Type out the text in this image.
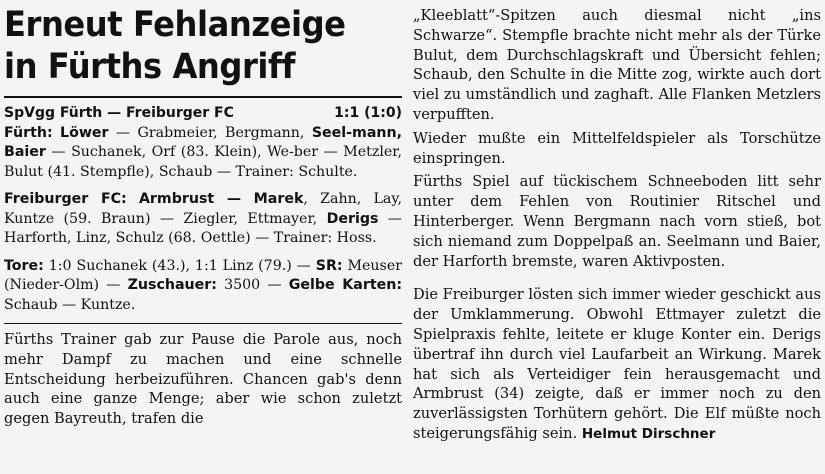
Erneut Fehlanzeige
in Fürths Angriff
SpVgg Fürth — Freiburger FC	1:1 (1:0)

Fürth: Löwer — Grabmeier, Bergmann, Seel-mann, Baier — Suchanek, Orf (83. Klein), We-ber — Metzler, Bulut (41. Stempfle), Schaub — Trainer: Schulte.

Freiburger FC: Armbrust — Marek, Zahn, Lay, Kuntze (59. Braun) — Ziegler, Ettmayer, Derigs — Harforth, Linz, Schulz (68. Oettle) — Trainer: Hoss.

Tore: 1:0 Suchanek (43.), 1:1 Linz (79.) — SR: Meuser (Nieder-Olm) — Zuschauer: 3500 — Gelbe Karten: Schaub — Kuntze.

Fürths Trainer gab zur Pause die Parole aus, noch mehr Dampf zu machen und eine schnelle Entscheidung herbeizuführen. Chancen gab's denn auch eine ganze Menge; aber wie schon zuletzt gegen Bayreuth, trafen die

„Kleeblatt“-Spitzen auch diesmal nicht „ins Schwarze“. Stempfle brachte nicht mehr als der Türke Bulut, dem Durchschlagskraft und Übersicht fehlen; Schaub, den Schulte in die Mitte zog, wirkte auch dort viel zu umständlich und zaghaft. Alle Flanken Metzlers verpufften.

Wieder mußte ein Mittelfeldspieler als Torschütze einspringen.

Fürths Spiel auf tückischem Schneeboden litt sehr unter dem Fehlen von Routinier Ritschel und Hinterberger. Wenn Bergmann nach vorn stieß, bot sich niemand zum Doppelpaß an. Seelmann und Baier, der Harforth bremste, waren Aktivposten.

Die Freiburger lösten sich immer wieder geschickt aus der Umklammerung. Obwohl Ettmayer zuletzt die Spielpraxis fehlte, leitete er kluge Konter ein. Derigs übertraf ihn durch viel Laufarbeit an Wirkung. Marek hat sich als Verteidiger fein herausgemacht und Armbrust (34) zeigte, daß er immer noch zu den zuverlässigsten Torhütern gehört. Die Elf müßte noch steigerungsfähig sein. Helmut Dirschner
